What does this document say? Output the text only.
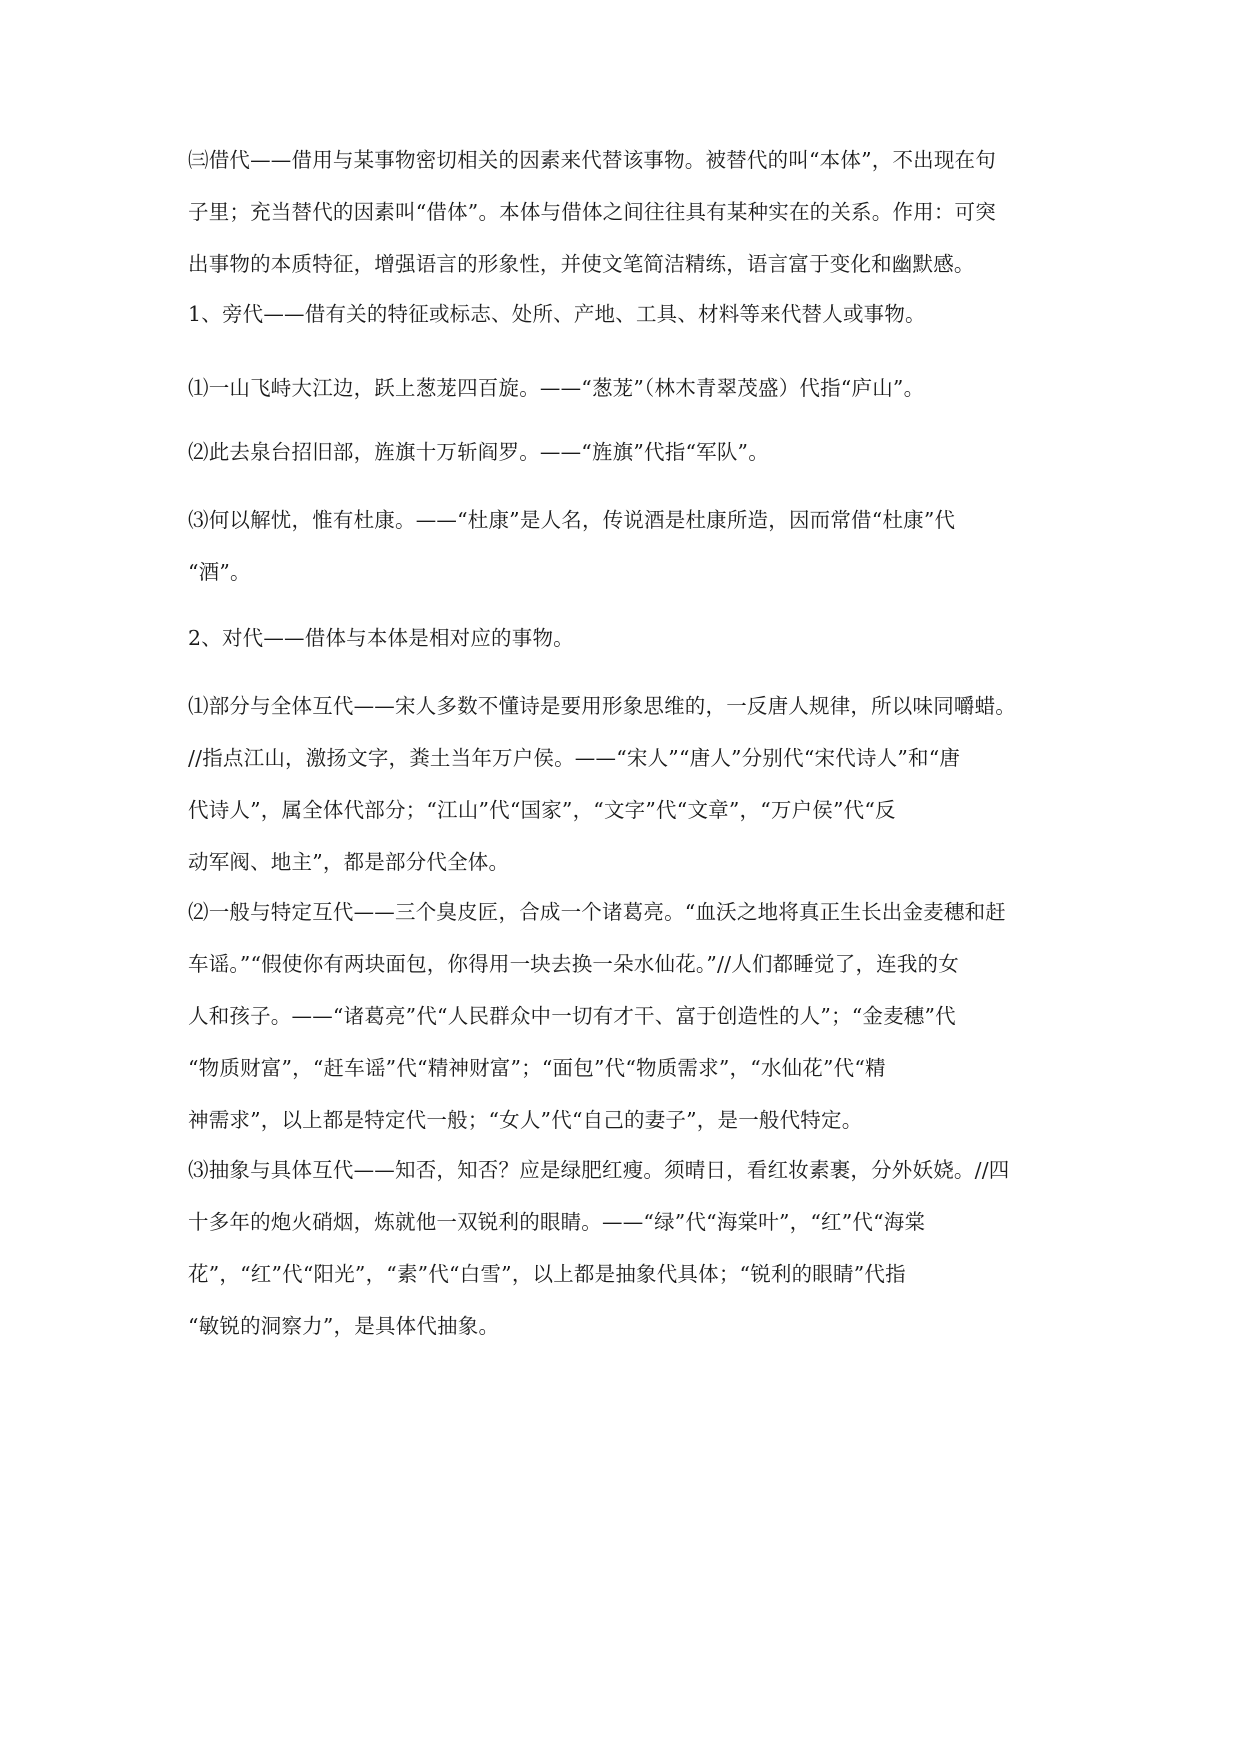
㈢借代——借用与某事物密切相关的因素来代替该事物。被替代的叫“本体”，不出现在句
子里；充当替代的因素叫“借体”。本体与借体之间往往具有某种实在的关系。作用：可突
出事物的本质特征，增强语言的形象性，并使文笔简洁精练，语言富于变化和幽默感。
1、旁代——借有关的特征或标志、处所、产地、工具、材料等来代替人或事物。
⑴一山飞峙大江边，跃上葱茏四百旋。——“葱茏”（林木青翠茂盛）代指“庐山”。
⑵此去泉台招旧部，旌旗十万斩阎罗。——“旌旗”代指“军队”。
⑶何以解忧，惟有杜康。——“杜康”是人名，传说酒是杜康所造，因而常借“杜康”代
“酒”。
2、对代——借体与本体是相对应的事物。
⑴部分与全体互代——宋人多数不懂诗是要用形象思维的，一反唐人规律，所以味同嚼蜡。
//指点江山，激扬文字，粪土当年万户侯。——“宋人”“唐人”分别代“宋代诗人”和“唐
代诗人”，属全体代部分；“江山”代“国家”，“文字”代“文章”，“万户侯”代“反
动军阀、地主”，都是部分代全体。
⑵一般与特定互代——三个臭皮匠，合成一个诸葛亮。“血沃之地将真正生长出金麦穗和赶
车谣。”“假使你有两块面包，你得用一块去换一朵水仙花。”//人们都睡觉了，连我的女
人和孩子。——“诸葛亮”代“人民群众中一切有才干、富于创造性的人”；“金麦穗”代
“物质财富”，“赶车谣”代“精神财富”；“面包”代“物质需求”，“水仙花”代“精
神需求”，以上都是特定代一般；“女人”代“自己的妻子”，是一般代特定。
⑶抽象与具体互代——知否，知否？应是绿肥红瘦。须晴日，看红妆素裹，分外妖娆。//四
十多年的炮火硝烟，炼就他一双锐利的眼睛。——“绿”代“海棠叶”，“红”代“海棠
花”，“红”代“阳光”，“素”代“白雪”，以上都是抽象代具体；“锐利的眼睛”代指
“敏锐的洞察力”，是具体代抽象。
